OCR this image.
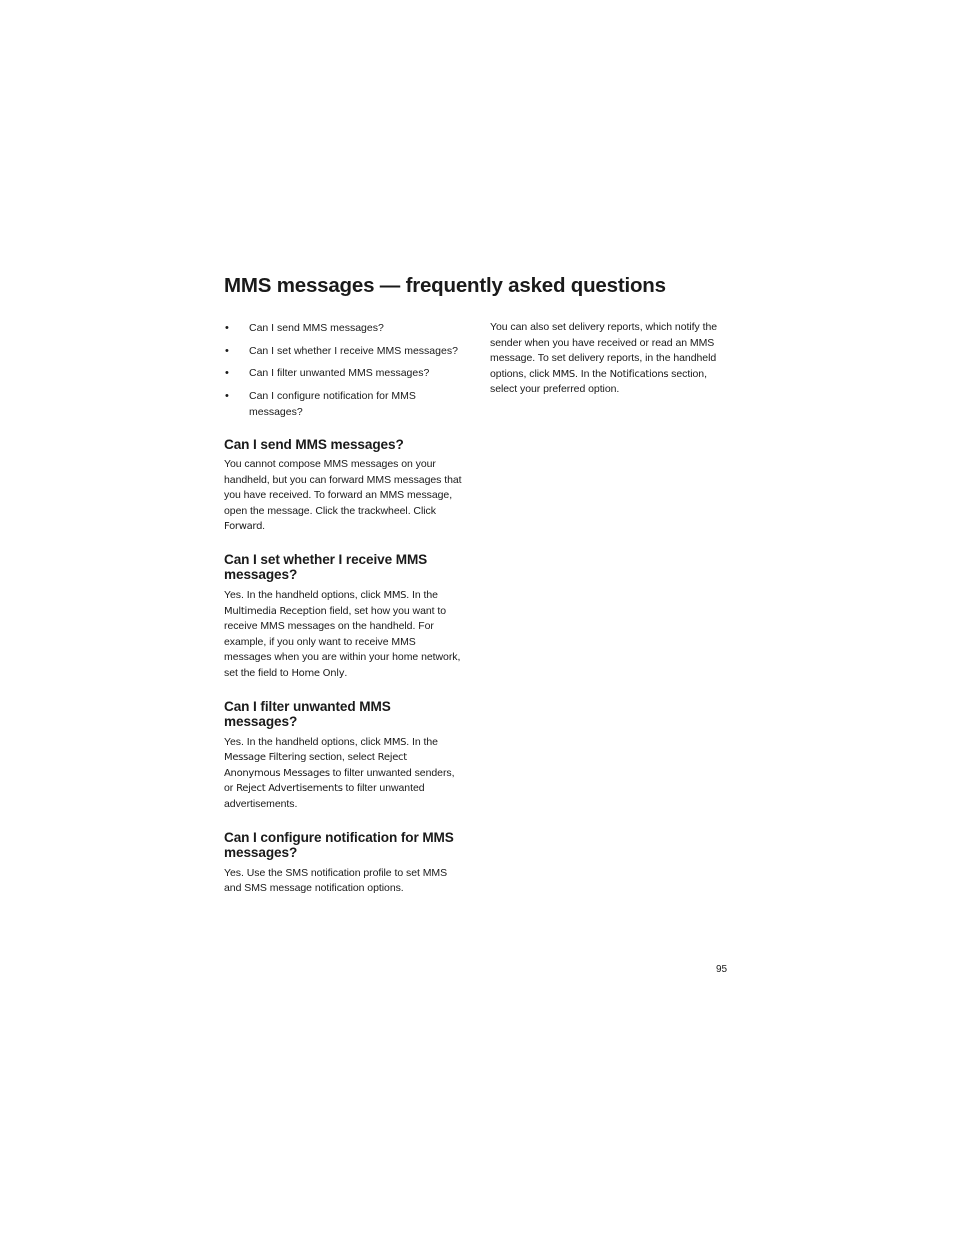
MMS messages — frequently asked questions
• Can I send MMS messages?
• Can I set whether I receive MMS messages?
• Can I filter unwanted MMS messages?
• Can I configure notification for MMS messages?
Can I send MMS messages?

You cannot compose MMS messages on your handheld, but you can forward MMS messages that you have received. To forward an MMS message, open the message. Click the trackwheel. Click Forward.

Can I set whether I receive MMS messages?

Yes. In the handheld options, click MMS. In the Multimedia Reception field, set how you want to receive MMS messages on the handheld. For example, if you only want to receive MMS messages when you are within your home network, set the field to Home Only.

Can I filter unwanted MMS messages?

Yes. In the handheld options, click MMS. In the Message Filtering section, select Reject Anonymous Messages to filter unwanted senders, or Reject Advertisements to filter unwanted advertisements.

Can I configure notification for MMS messages?

Yes. Use the SMS notification profile to set MMS and SMS message notification options.

You can also set delivery reports, which notify the sender when you have received or read an MMS message. To set delivery reports, in the handheld options, click MMS. In the Notifications section, select your preferred option.

95
